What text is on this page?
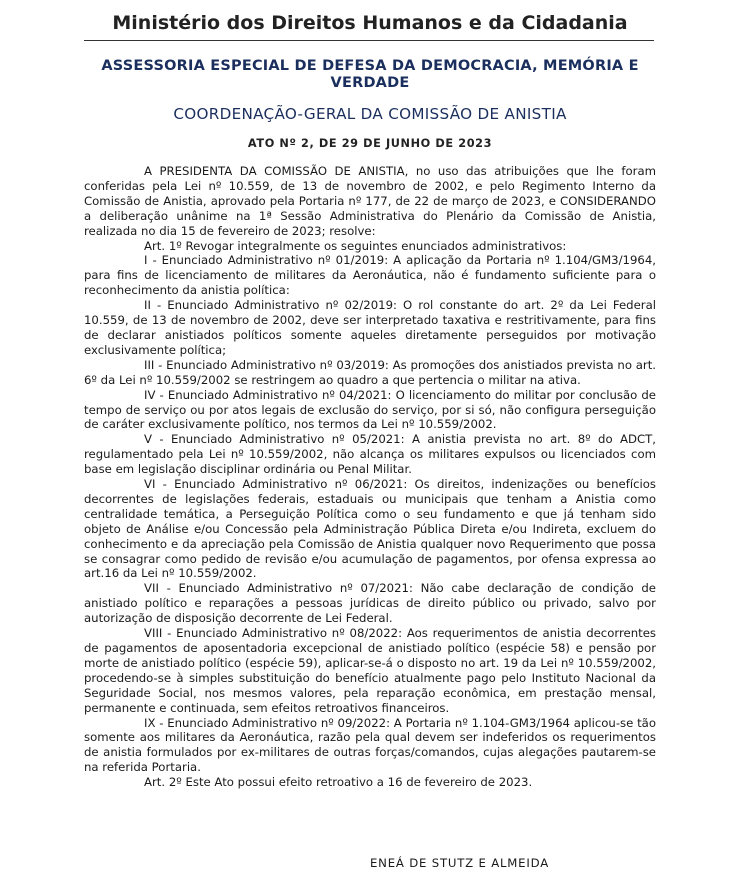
Ministério dos Direitos Humanos e da Cidadania
ASSESSORIA ESPECIAL DE DEFESA DA DEMOCRACIA, MEMÓRIA E VERDADE
COORDENAÇÃO-GERAL DA COMISSÃO DE ANISTIA
ATO Nº 2, DE 29 DE JUNHO DE 2023

A PRESIDENTA DA COMISSÃO DE ANISTIA, no uso das atribuições que lhe foram conferidas pela Lei nº 10.559, de 13 de novembro de 2002, e pelo Regimento Interno da Comissão de Anistia, aprovado pela Portaria nº 177, de 22 de março de 2023, e CONSIDERANDO a deliberação unânime na 1ª Sessão Administrativa do Plenário da Comissão de Anistia, realizada no dia 15 de fevereiro de 2023; resolve:

Art. 1º Revogar integralmente os seguintes enunciados administrativos:

I - Enunciado Administrativo nº 01/2019: A aplicação da Portaria nº 1.104/GM3/1964, para fins de licenciamento de militares da Aeronáutica, não é fundamento suficiente para o reconhecimento da anistia política:

II - Enunciado Administrativo nº 02/2019: O rol constante do art. 2º da Lei Federal 10.559, de 13 de novembro de 2002, deve ser interpretado taxativa e restritivamente, para fins de declarar anistiados políticos somente aqueles diretamente perseguidos por motivação exclusivamente política;

III - Enunciado Administrativo nº 03/2019: As promoções dos anistiados prevista no art. 6º da Lei nº 10.559/2002 se restringem ao quadro a que pertencia o militar na ativa.

IV - Enunciado Administrativo nº 04/2021: O licenciamento do militar por conclusão de tempo de serviço ou por atos legais de exclusão do serviço, por si só, não configura perseguição de caráter exclusivamente político, nos termos da Lei nº 10.559/2002.

V - Enunciado Administrativo nº 05/2021: A anistia prevista no art. 8º do ADCT, regulamentado pela Lei nº 10.559/2002, não alcança os militares expulsos ou licenciados com base em legislação disciplinar ordinária ou Penal Militar.

VI - Enunciado Administrativo nº 06/2021: Os direitos, indenizações ou benefícios decorrentes de legislações federais, estaduais ou municipais que tenham a Anistia como centralidade temática, a Perseguição Política como o seu fundamento e que já tenham sido objeto de Análise e/ou Concessão pela Administração Pública Direta e/ou Indireta, excluem do conhecimento e da apreciação pela Comissão de Anistia qualquer novo Requerimento que possa se consagrar como pedido de revisão e/ou acumulação de pagamentos, por ofensa expressa ao art.16 da Lei nº 10.559/2002.

VII - Enunciado Administrativo nº 07/2021: Não cabe declaração de condição de anistiado político e reparações a pessoas jurídicas de direito público ou privado, salvo por autorização de disposição decorrente de Lei Federal.

VIII - Enunciado Administrativo nº 08/2022: Aos requerimentos de anistia decorrentes de pagamentos de aposentadoria excepcional de anistiado político (espécie 58) e pensão por morte de anistiado político (espécie 59), aplicar-se-á o disposto no art. 19 da Lei nº 10.559/2002, procedendo-se à simples substituição do benefício atualmente pago pelo Instituto Nacional da Seguridade Social, nos mesmos valores, pela reparação econômica, em prestação mensal, permanente e continuada, sem efeitos retroativos financeiros.

IX - Enunciado Administrativo nº 09/2022: A Portaria nº 1.104-GM3/1964 aplicou-se tão somente aos militares da Aeronáutica, razão pela qual devem ser indeferidos os requerimentos de anistia formulados por ex-militares de outras forças/comandos, cujas alegações pautarem-se na referida Portaria.

Art. 2º Este Ato possui efeito retroativo a 16 de fevereiro de 2023.

ENEÁ DE STUTZ E ALMEIDA
